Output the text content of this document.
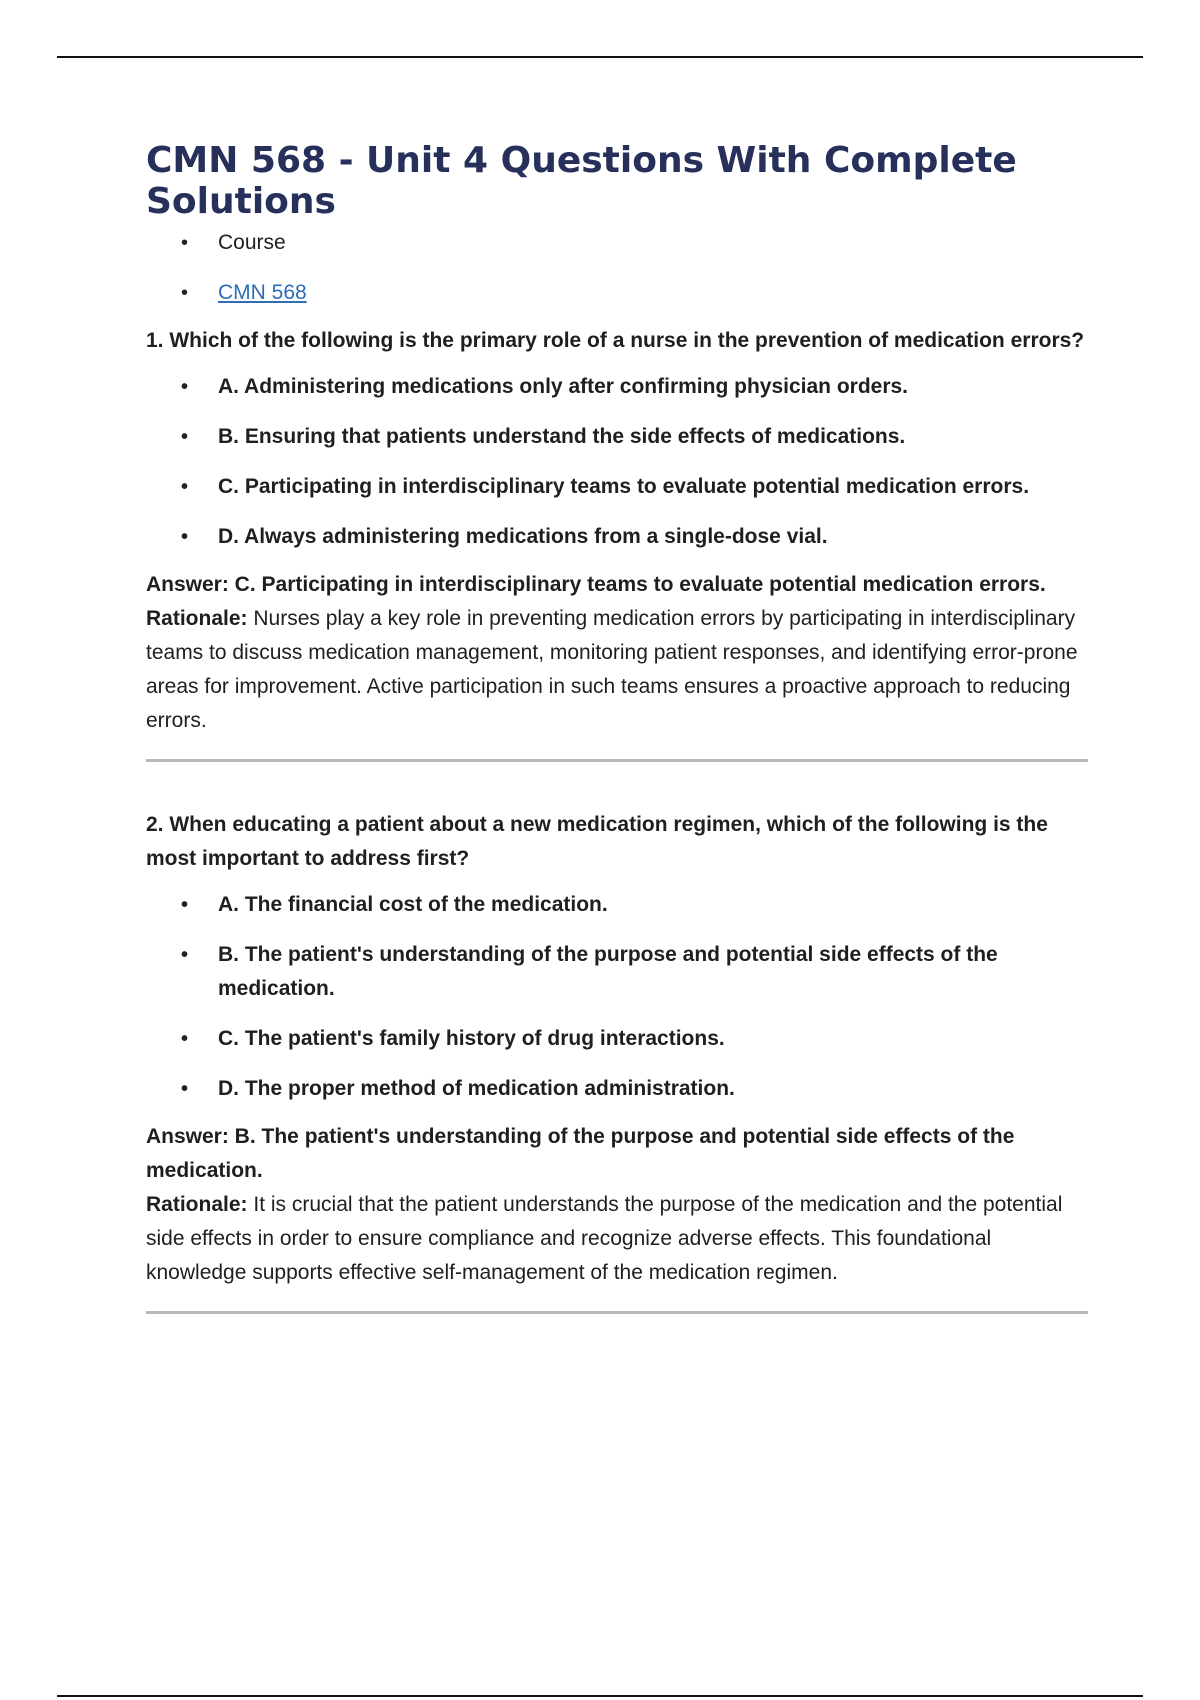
CMN 568 - Unit 4 Questions With Complete Solutions
• Course
• CMN 568

1. Which of the following is the primary role of a nurse in the prevention of medication errors?

• A. Administering medications only after confirming physician orders.
• B. Ensuring that patients understand the side effects of medications.
• C. Participating in interdisciplinary teams to evaluate potential medication errors.
• D. Always administering medications from a single-dose vial.

Answer: C. Participating in interdisciplinary teams to evaluate potential medication errors.
Rationale: Nurses play a key role in preventing medication errors by participating in interdisciplinary teams to discuss medication management, monitoring patient responses, and identifying error-prone areas for improvement. Active participation in such teams ensures a proactive approach to reducing errors.

2. When educating a patient about a new medication regimen, which of the following is the most important to address first?

• A. The financial cost of the medication.
• B. The patient's understanding of the purpose and potential side effects of the medication.
• C. The patient's family history of drug interactions.
• D. The proper method of medication administration.

Answer: B. The patient's understanding of the purpose and potential side effects of the medication.
Rationale: It is crucial that the patient understands the purpose of the medication and the potential side effects in order to ensure compliance and recognize adverse effects. This foundational knowledge supports effective self-management of the medication regimen.
